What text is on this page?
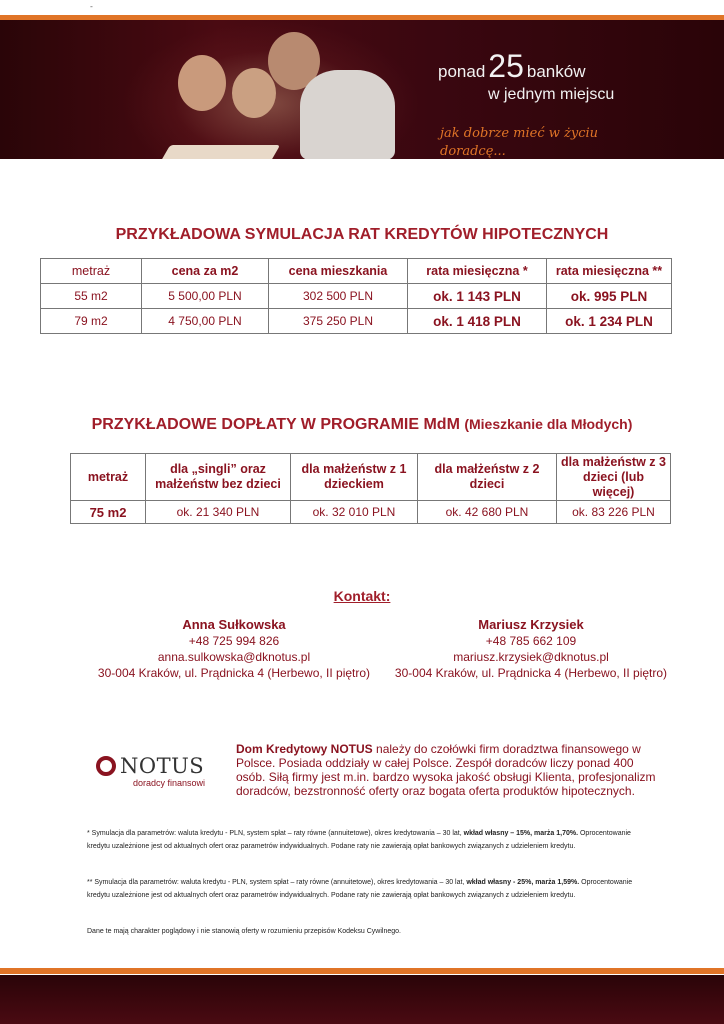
-
ponad25 banków
w jednym miejscu
jak dobrze mieć w życiu
doradcę...
PRZYKŁADOWA SYMULACJA RAT KREDYTÓW HIPOTECZNYCH
metraż	cena za m2	cena mieszkania	rata miesięczna *	rata miesięczna **
55 m2	5 500,00 PLN	302 500 PLN	ok. 1 143 PLN	ok. 995 PLN
79 m2	4 750,00 PLN	375 250 PLN	ok. 1 418 PLN	ok. 1 234 PLN
PRZYKŁADOWE DOPŁATY W PROGRAMIE MdM (Mieszkanie dla Młodych)
metraż	dla „singli” oraz małżeństw bez dzieci	dla małżeństw z 1 dzieckiem	dla małżeństw z 2 dzieci	dla małżeństw z 3 dzieci (lub więcej)
75 m2	ok. 21 340 PLN	ok. 32 010 PLN	ok. 42 680 PLN	ok. 83 226 PLN
Kontakt:
Anna Sułkowska
+48 725 994 826
anna.sulkowska@dknotus.pl
30-004 Kraków, ul. Prądnicka 4 (Herbewo, II piętro)
Mariusz Krzysiek
+48 785 662 109
mariusz.krzysiek@dknotus.pl
30-004 Kraków, ul. Prądnicka 4 (Herbewo, II piętro)
NOTUS
doradcy finansowi
Dom Kredytowy NOTUS należy do czołówki firm doradztwa finansowego w Polsce. Posiada oddziały w całej Polsce. Zespół doradców liczy ponad 400 osób. Siłą firmy jest m.in. bardzo wysoka jakość obsługi Klienta, profesjonalizm doradców, bezstronność oferty oraz bogata oferta produktów hipotecznych.
* Symulacja dla parametrów: waluta kredytu - PLN, system spłat – raty równe (annuitetowe), okres kredytowania – 30 lat, wkład własny – 15%, marża 1,70%. Oprocentowanie kredytu uzależnione jest od aktualnych ofert oraz parametrów indywidualnych. Podane raty nie zawierają opłat bankowych związanych z udzieleniem kredytu.
** Symulacja dla parametrów: waluta kredytu - PLN, system spłat – raty równe (annuitetowe), okres kredytowania – 30 lat, wkład własny - 25%, marża 1,59%. Oprocentowanie kredytu uzależnione jest od aktualnych ofert oraz parametrów indywidualnych. Podane raty nie zawierają opłat bankowych związanych z udzieleniem kredytu.
Dane te mają charakter poglądowy i nie stanowią oferty w rozumieniu przepisów Kodeksu Cywilnego.
